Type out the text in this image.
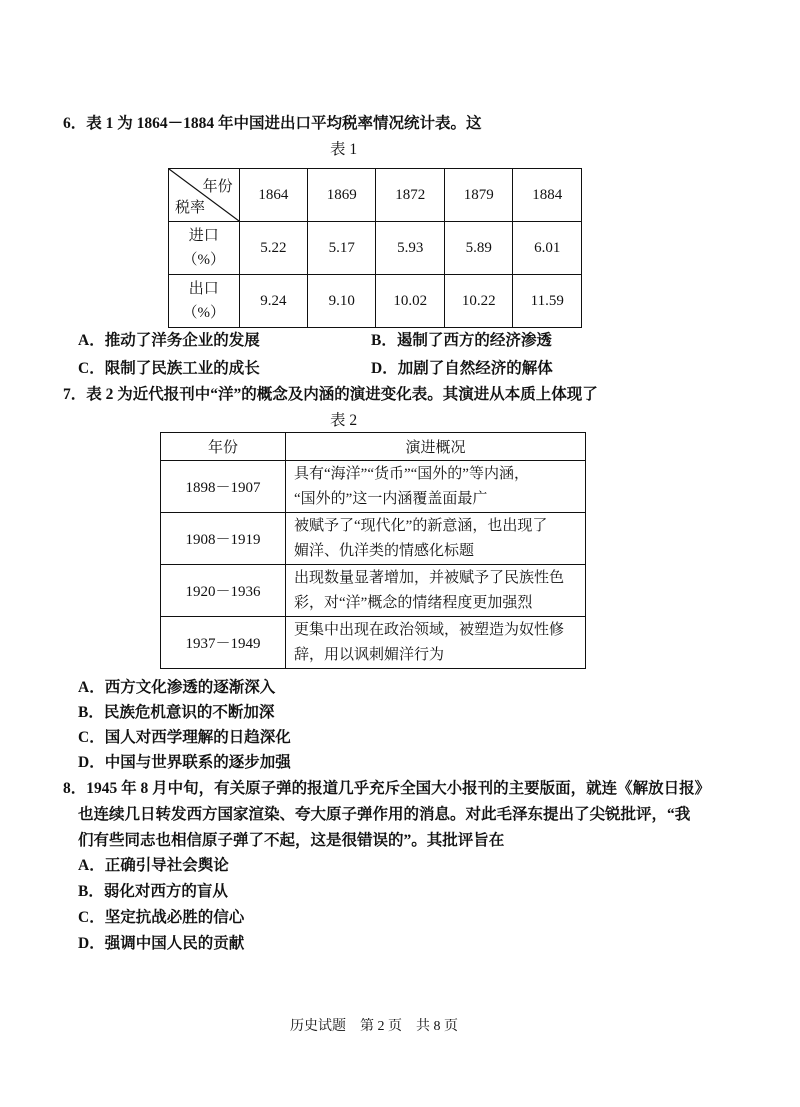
6．表 1 为 1864－1884 年中国进出口平均税率情况统计表。这
表 1
年份
税率	1864	1869	1872	1879	1884
进口
（%）	5.22	5.17	5.93	5.89	6.01
出口
（%）	9.24	9.10	10.02	10.22	11.59
A．推动了洋务企业的发展	B．遏制了西方的经济渗透
C．限制了民族工业的成长	D．加剧了自然经济的解体
7．表 2 为近代报刊中“洋”的概念及内涵的演进变化表。其演进从本质上体现了
表 2
年份	演进概况
1898－1907	具有“海洋”“货币”“国外的”等内涵，
“国外的”这一内涵覆盖面最广
1908－1919	被赋予了“现代化”的新意涵，也出现了
媚洋、仇洋类的情感化标题
1920－1936	出现数量显著增加，并被赋予了民族性色
彩，对“洋”概念的情绪程度更加强烈
1937－1949	更集中出现在政治领域，被塑造为奴性修
辞，用以讽刺媚洋行为
A．西方文化渗透的逐渐深入
B．民族危机意识的不断加深
C．国人对西学理解的日趋深化
D．中国与世界联系的逐步加强
8．1945 年 8 月中旬，有关原子弹的报道几乎充斥全国大小报刊的主要版面，就连《解放日报》
也连续几日转发西方国家渲染、夸大原子弹作用的消息。对此毛泽东提出了尖锐批评，“我
们有些同志也相信原子弹了不起，这是很错误的”。其批评旨在
A．正确引导社会舆论
B．弱化对西方的盲从
C．坚定抗战必胜的信心
D．强调中国人民的贡献
历史试题　第 2 页　共 8 页
